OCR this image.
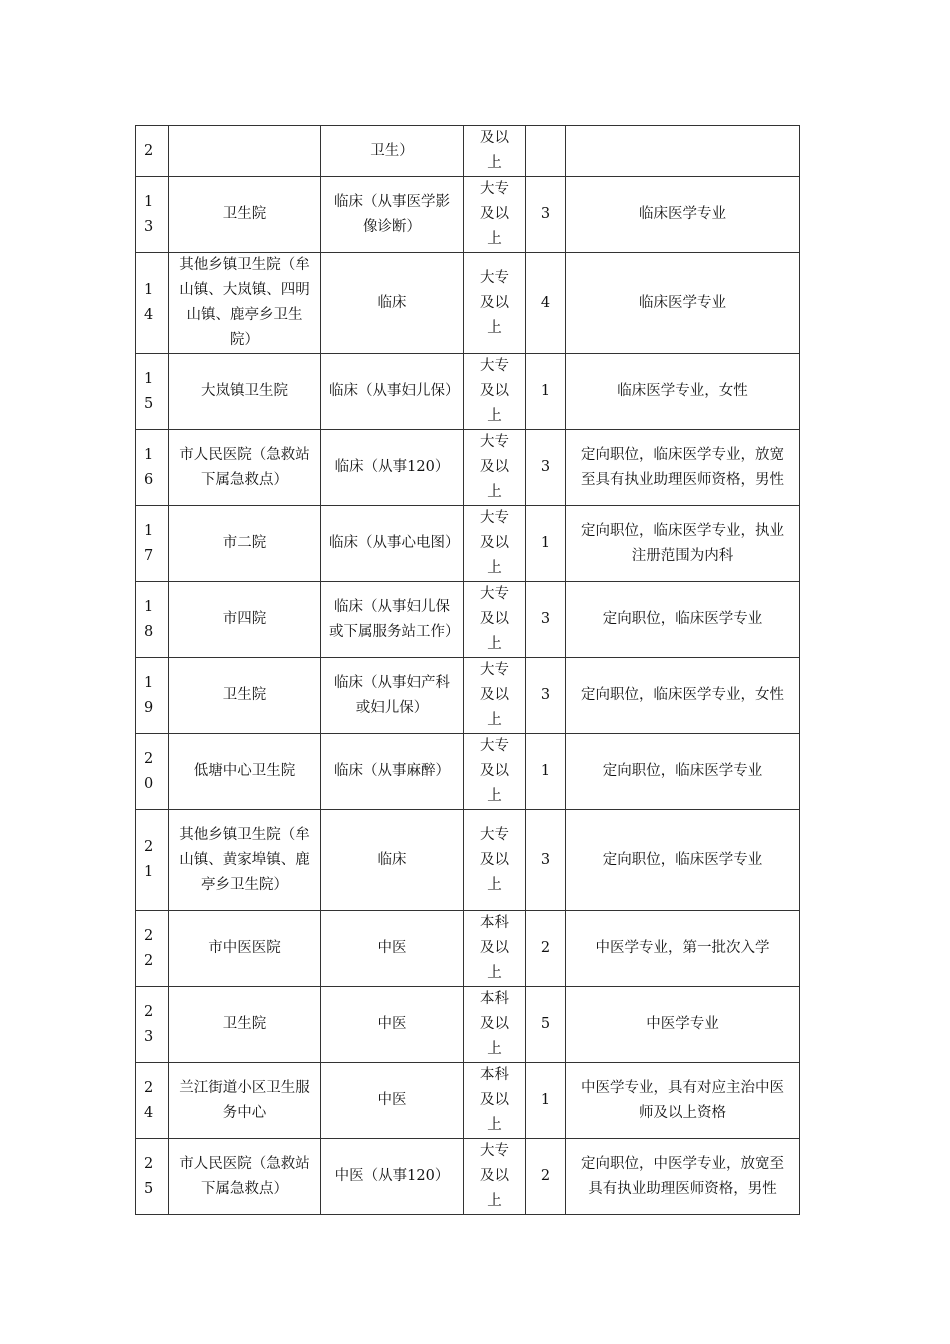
2		卫生）	及以上		

13	卫生院	临床（从事医学影像诊断）	大专及以上	3	临床医学专业

14	其他乡镇卫生院（牟山镇、大岚镇、四明山镇、鹿亭乡卫生院）	临床	大专及以上	4	临床医学专业

15	大岚镇卫生院	临床（从事妇儿保）	大专及以上	1	临床医学专业，女性

16	市人民医院（急救站下属急救点）	临床（从事120）	大专及以上	3	定向职位，临床医学专业，放宽至具有执业助理医师资格，男性

17	市二院	临床（从事心电图）	大专及以上	1	定向职位，临床医学专业，执业注册范围为内科

18	市四院	临床（从事妇儿保或下属服务站工作）	大专及以上	3	定向职位，临床医学专业

19	卫生院	临床（从事妇产科或妇儿保）	大专及以上	3	定向职位，临床医学专业，女性

20	低塘中心卫生院	临床（从事麻醉）	大专及以上	1	定向职位，临床医学专业

21	其他乡镇卫生院（牟山镇、黄家埠镇、鹿亭乡卫生院）	临床	大专及以上	3	定向职位，临床医学专业

22	市中医医院	中医	本科及以上	2	中医学专业，第一批次入学

23	卫生院	中医	本科及以上	5	中医学专业

24	兰江街道小区卫生服务中心	中医	本科及以上	1	中医学专业，具有对应主治中医师及以上资格

25	市人民医院（急救站下属急救点）	中医（从事120）	大专及以上	2	定向职位，中医学专业，放宽至具有执业助理医师资格，男性
